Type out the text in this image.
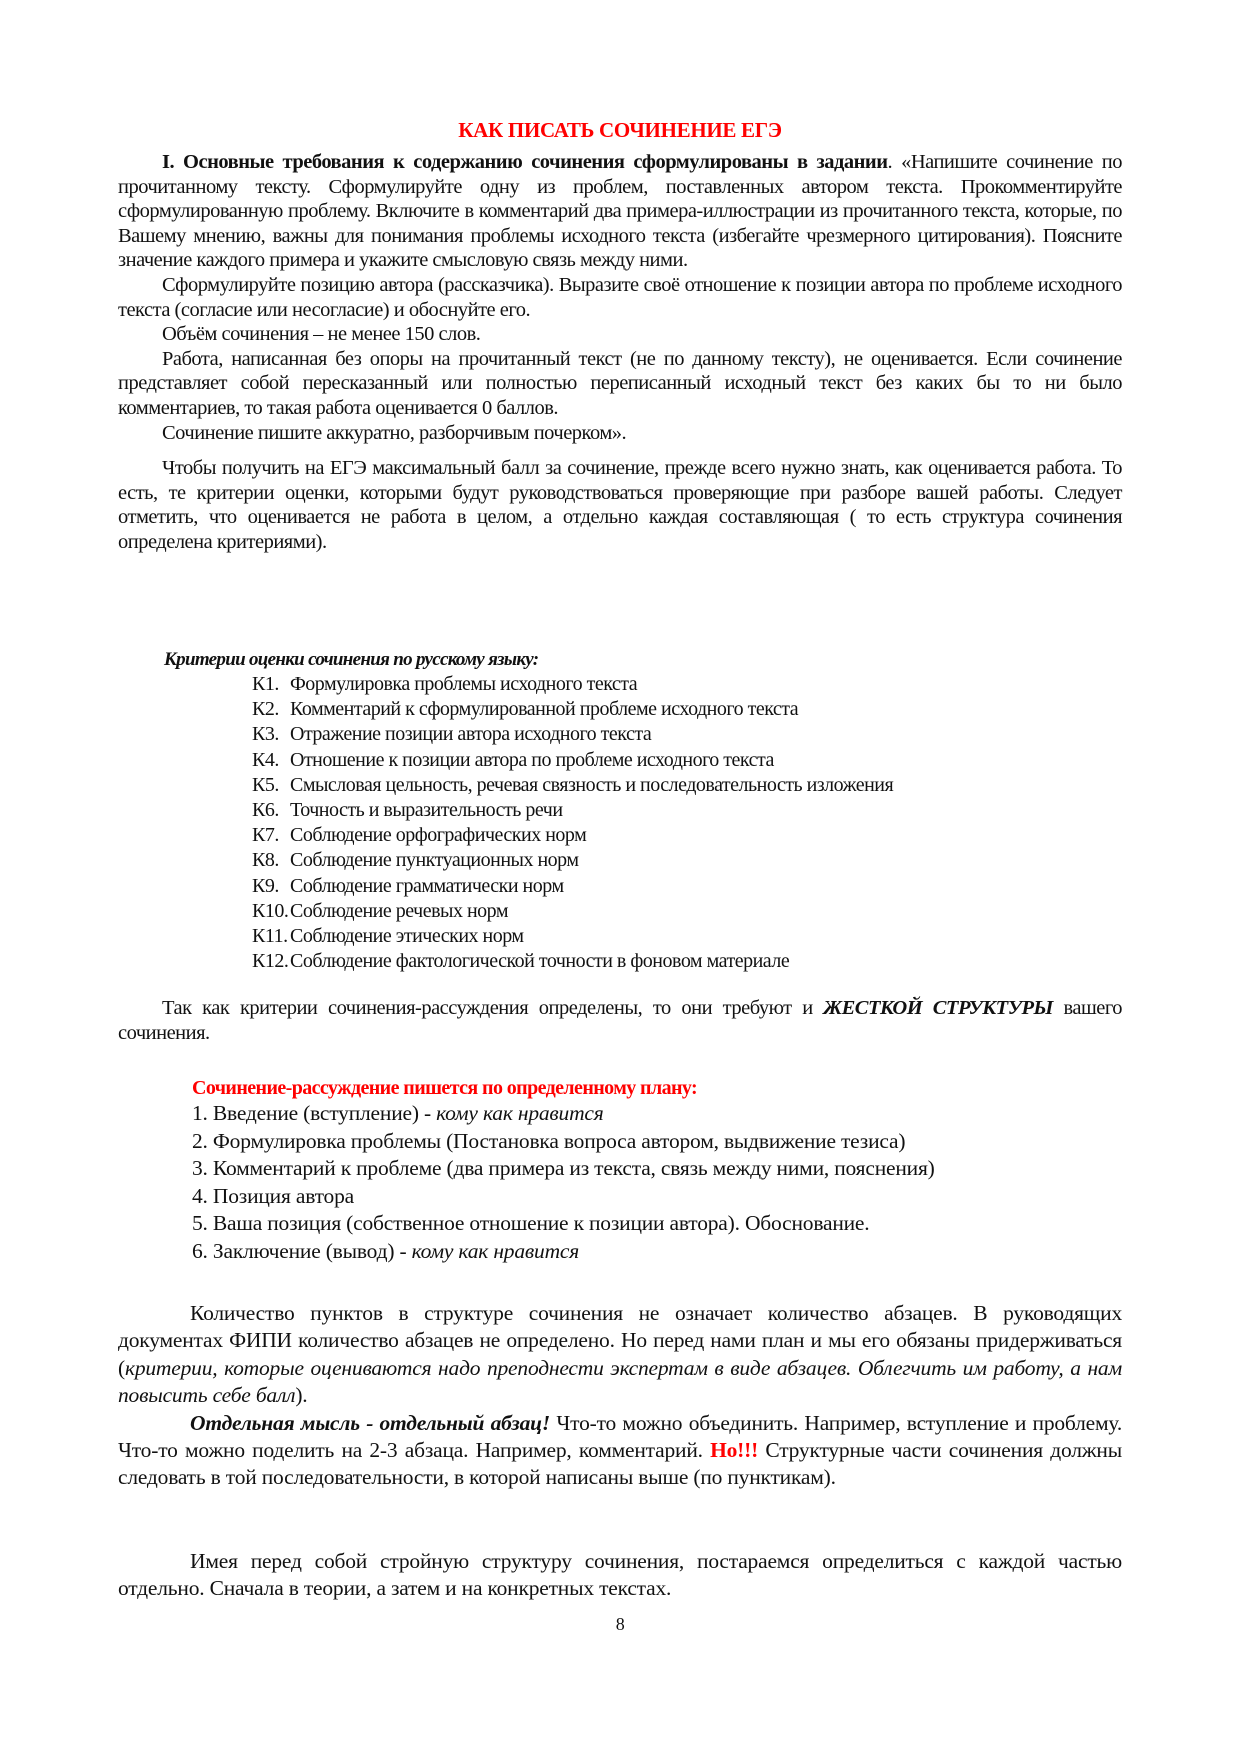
КАК ПИСАТЬ СОЧИНЕНИЕ ЕГЭ

I. Основные требования к содержанию сочинения сформулированы в задании. «Напишите сочинение по прочитанному тексту. Сформулируйте одну из проблем, поставленных автором текста. Прокомментируйте сформулированную проблему. Включите в комментарий два примера-иллюстрации из прочитанного текста, которые, по Вашему мнению, важны для понимания проблемы исходного текста (избегайте чрезмерного цитирования). Поясните значение каждого примера и укажите смысловую связь между ними.

Сформулируйте позицию автора (рассказчика). Выразите своё отношение к позиции автора по проблеме исходного текста (согласие или несогласие) и обоснуйте его.

Объём сочинения – не менее 150 слов.

Работа, написанная без опоры на прочитанный текст (не по данному тексту), не оценивается. Если сочинение представляет собой пересказанный или полностью переписанный исходный текст без каких бы то ни было комментариев, то такая работа оценивается 0 баллов.

Сочинение пишите аккуратно, разборчивым почерком».

Чтобы получить на ЕГЭ максимальный балл за сочинение, прежде всего нужно знать, как оценивается работа. То есть, те критерии оценки, которыми будут руководствоваться проверяющие при разборе вашей работы. Следует отметить, что оценивается не работа в целом, а отдельно каждая составляющая ( то есть структура сочинения определена критериями).

Критерии оценки сочинения по русскому языку:
К1. Формулировка проблемы исходного текста
К2. Комментарий к сформулированной проблеме исходного текста
К3. Отражение позиции автора исходного текста
К4. Отношение к позиции автора по проблеме исходного текста
К5. Смысловая цельность, речевая связность и последовательность изложения
К6. Точность и выразительность речи
К7. Соблюдение орфографических норм
К8. Соблюдение пунктуационных норм
К9. Соблюдение грамматически норм
К10.Соблюдение речевых норм
К11. Соблюдение этических норм
К12.Соблюдение фактологической точности в фоновом материале

Так как критерии сочинения-рассуждения определены, то они требуют и ЖЕСТКОЙ СТРУКТУРЫ вашего сочинения.

Сочинение-рассуждение пишется по определенному плану:
1. Введение (вступление) - кому как нравится
2. Формулировка проблемы (Постановка вопроса автором, выдвижение тезиса)
3. Комментарий к проблеме (два примера из текста, связь между ними, пояснения)
4. Позиция автора
5. Ваша позиция (собственное отношение к позиции автора). Обоснование.
6. Заключение (вывод) - кому как нравится

Количество пунктов в структуре сочинения не означает количество абзацев. В руководящих документах ФИПИ количество абзацев не определено. Но перед нами план и мы его обязаны придерживаться (критерии, которые оцениваются надо преподнести экспертам в виде абзацев. Облегчить им работу, а нам повысить себе балл).

Отдельная мысль - отдельный абзац! Что-то можно объединить. Например, вступление и проблему. Что-то можно поделить на 2-3 абзаца. Например, комментарий. Но!!! Структурные части сочинения должны следовать в той последовательности, в которой написаны выше (по пунктикам).

Имея перед собой стройную структуру сочинения, постараемся определиться с каждой частью отдельно. Сначала в теории, а затем и на конкретных текстах.

8
